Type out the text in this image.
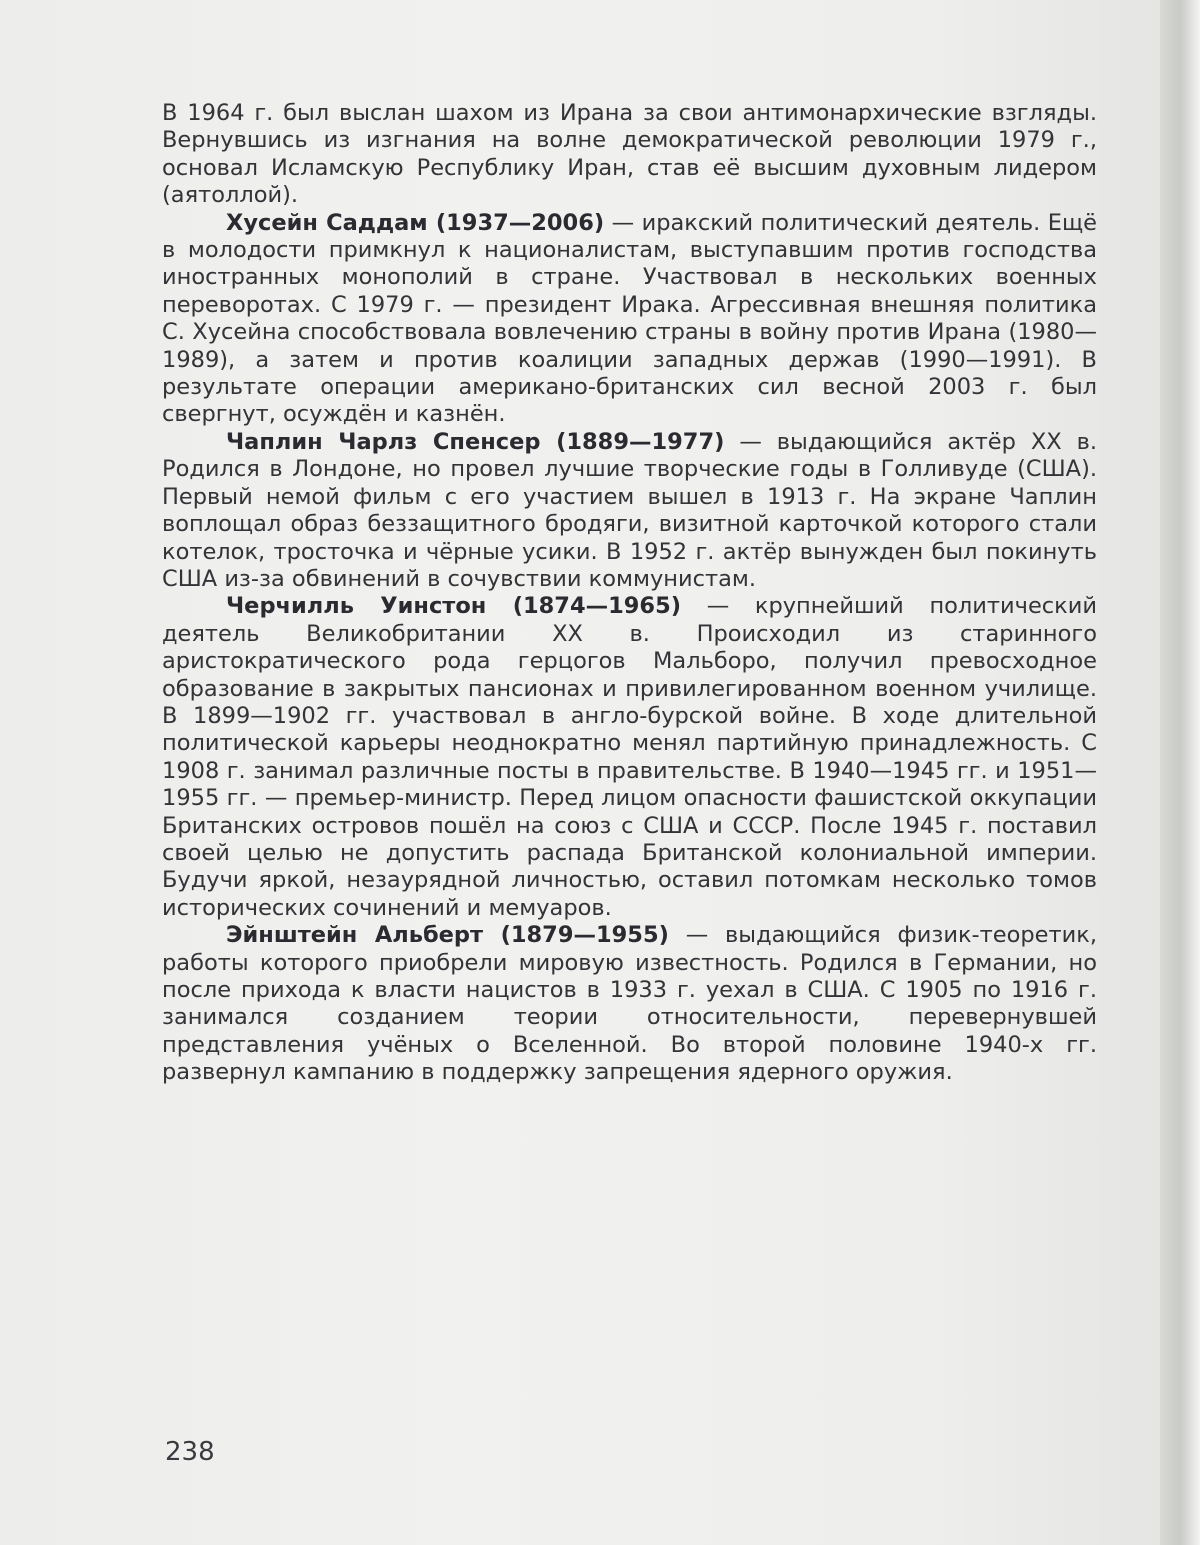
В 1964 г. был выслан шахом из Ирана за свои антимонархические взгляды. Вернувшись из изгнания на волне демократической революции 1979 г., основал Исламскую Республику Иран, став её высшим духовным лидером (аятоллой).

Хусейн Саддам (1937—2006) — иракский политический деятель. Ещё в молодости примкнул к националистам, выступавшим против господства иностранных монополий в стране. Участвовал в нескольких военных переворотах. С 1979 г. — президент Ирака. Агрессивная внешняя политика С. Хусейна способствовала вовлечению страны в войну против Ирана (1980—1989), а затем и против коалиции западных держав (1990—1991). В результате операции американо-британских сил весной 2003 г. был свергнут, осуждён и казнён.

Чаплин Чарлз Спенсер (1889—1977) — выдающийся актёр XX в. Родился в Лондоне, но провел лучшие творческие годы в Голливуде (США). Первый немой фильм с его участием вышел в 1913 г. На экране Чаплин воплощал образ беззащитного бродяги, визитной карточкой которого стали котелок, тросточка и чёрные усики. В 1952 г. актёр вынужден был покинуть США из-за обвинений в сочувствии коммунистам.

Черчилль Уинстон (1874—1965) — крупнейший политический деятель Великобритании XX в. Происходил из старинного аристократического рода герцогов Мальборо, получил превосходное образование в закрытых пансионах и привилегированном военном училище. В 1899—1902 гг. участвовал в англо-бурской войне. В ходе длительной политической карьеры неоднократно менял партийную принадлежность. С 1908 г. занимал различные посты в правительстве. В 1940—1945 гг. и 1951—1955 гг. — премьер-министр. Перед лицом опасности фашистской оккупации Британских островов пошёл на союз с США и СССР. После 1945 г. поставил своей целью не допустить распада Британской колониальной империи. Будучи яркой, незаурядной личностью, оставил потомкам несколько томов исторических сочинений и мемуаров.

Эйнштейн Альберт (1879—1955) — выдающийся физик-теоретик, работы которого приобрели мировую известность. Родился в Германии, но после прихода к власти нацистов в 1933 г. уехал в США. С 1905 по 1916 г. занимался созданием теории относительности, перевернувшей представления учёных о Вселенной. Во второй половине 1940-х гг. развернул кампанию в поддержку запрещения ядерного оружия.

238
